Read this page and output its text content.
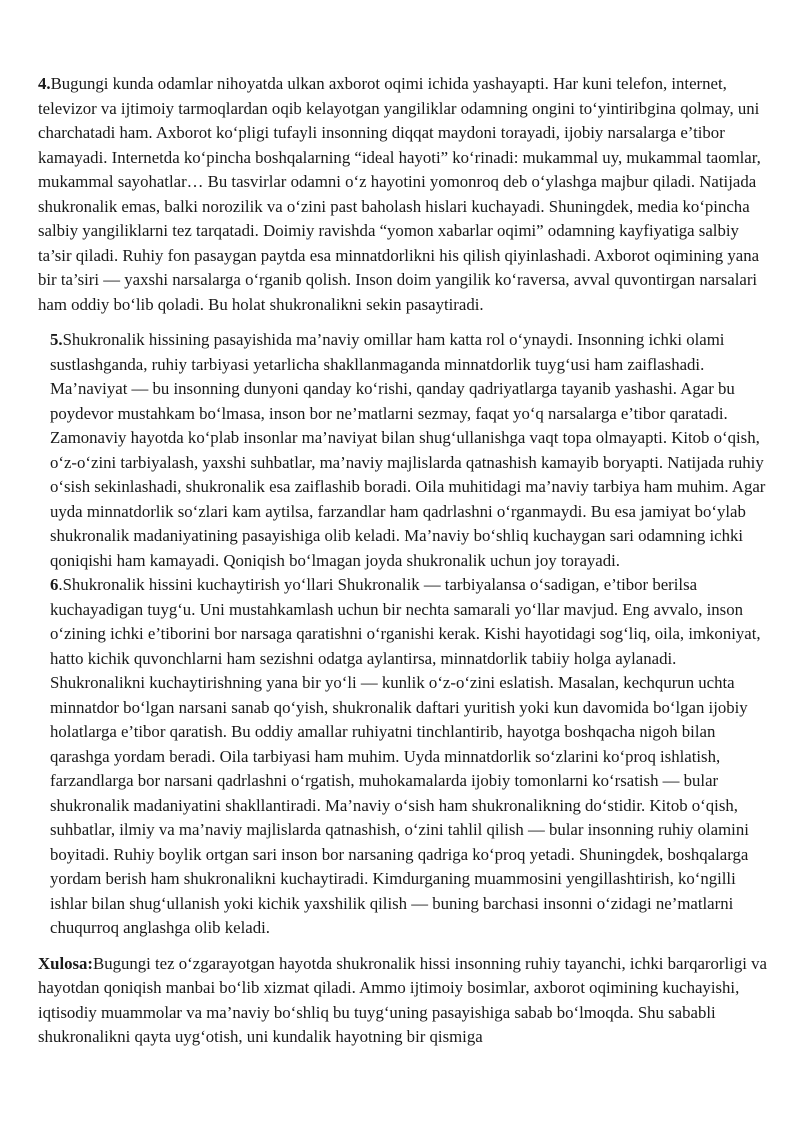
4.Bugungi kunda odamlar nihoyatda ulkan axborot oqimi ichida yashayapti. Har kuni telefon, internet, televizor va ijtimoiy tarmoqlardan oqib kelayotgan yangiliklar odamning ongini to‘yintiribgina qolmay, uni charchatadi ham. Axborot ko‘pligi tufayli insonning diqqat maydoni torayadi, ijobiy narsalarga e’tibor kamayadi. Internetda ko‘pincha boshqalarning “ideal hayoti” ko‘rinadi: mukammal uy, mukammal taomlar, mukammal sayohatlar… Bu tasvirlar odamni o‘z hayotini yomonroq deb o‘ylashga majbur qiladi. Natijada shukronalik emas, balki norozilik va o‘zini past baholash hislari kuchayadi. Shuningdek, media ko‘pincha salbiy yangiliklarni tez tarqatadi. Doimiy ravishda “yomon xabarlar oqimi” odamning kayfiyatiga salbiy ta’sir qiladi. Ruhiy fon pasaygan paytda esa minnatdorlikni his qilish qiyinlashadi. Axborot oqimining yana bir ta’siri — yaxshi narsalarga o‘rganib qolish. Inson doim yangilik ko‘raversa, avval quvontirgan narsalari ham oddiy bo‘lib qoladi. Bu holat shukronalikni sekin pasaytiradi.

5.Shukronalik hissining pasayishida ma’naviy omillar ham katta rol o‘ynaydi. Insonning ichki olami sustlashganda, ruhiy tarbiyasi yetarlicha shakllanmaganda minnatdorlik tuyg‘usi ham zaiflashadi. Ma’naviyat — bu insonning dunyoni qanday ko‘rishi, qanday qadriyatlarga tayanib yashashi. Agar bu poydevor mustahkam bo‘lmasa, inson bor ne’matlarni sezmay, faqat yo‘q narsalarga e’tibor qaratadi. Zamonaviy hayotda ko‘plab insonlar ma’naviyat bilan shug‘ullanishga vaqt topa olmayapti. Kitob o‘qish, o‘z-o‘zini tarbiyalash, yaxshi suhbatlar, ma’naviy majlislarda qatnashish kamayib boryapti. Natijada ruhiy o‘sish sekinlashadi, shukronalik esa zaiflashib boradi. Oila muhitidagi ma’naviy tarbiya ham muhim. Agar uyda minnatdorlik so‘zlari kam aytilsa, farzandlar ham qadrlashni o‘rganmaydi. Bu esa jamiyat bo‘ylab shukronalik madaniyatining pasayishiga olib keladi. Ma’naviy bo‘shliq kuchaygan sari odamning ichki qoniqishi ham kamayadi. Qoniqish bo‘lmagan joyda shukronalik uchun joy torayadi.

6.Shukronalik hissini kuchaytirish yo‘llari Shukronalik — tarbiyalansa o‘sadigan, e’tibor berilsa kuchayadigan tuyg‘u. Uni mustahkamlash uchun bir nechta samarali yo‘llar mavjud. Eng avvalo, inson o‘zining ichki e’tiborini bor narsaga qaratishni o‘rganishi kerak. Kishi hayotidagi sog‘liq, oila, imkoniyat, hatto kichik quvonchlarni ham sezishni odatga aylantirsa, minnatdorlik tabiiy holga aylanadi. Shukronalikni kuchaytirishning yana bir yo‘li — kunlik o‘z-o‘zini eslatish. Masalan, kechqurun uchta minnatdor bo‘lgan narsani sanab qo‘yish, shukronalik daftari yuritish yoki kun davomida bo‘lgan ijobiy holatlarga e’tibor qaratish. Bu oddiy amallar ruhiyatni tinchlantirib, hayotga boshqacha nigoh bilan qarashga yordam beradi. Oila tarbiyasi ham muhim. Uyda minnatdorlik so‘zlarini ko‘proq ishlatish, farzandlarga bor narsani qadrlashni o‘rgatish, muhokamalarda ijobiy tomonlarni ko‘rsatish — bular shukronalik madaniyatini shakllantiradi. Ma’naviy o‘sish ham shukronalikning do‘stidir. Kitob o‘qish, suhbatlar, ilmiy va ma’naviy majlislarda qatnashish, o‘zini tahlil qilish — bular insonning ruhiy olamini boyitadi. Ruhiy boylik ortgan sari inson bor narsaning qadriga ko‘proq yetadi. Shuningdek, boshqalarga yordam berish ham shukronalikni kuchaytiradi. Kimdurganing muammosini yengillashtirish, ko‘ngilli ishlar bilan shug‘ullanish yoki kichik yaxshilik qilish — buning barchasi insonni o‘zidagi ne’matlarni chuqurroq anglashga olib keladi.

Xulosa:Bugungi tez o‘zgarayotgan hayotda shukronalik hissi insonning ruhiy tayanchi, ichki barqarorligi va hayotdan qoniqish manbai bo‘lib xizmat qiladi. Ammo ijtimoiy bosimlar, axborot oqimining kuchayishi, iqtisodiy muammolar va ma’naviy bo‘shliq bu tuyg‘uning pasayishiga sabab bo‘lmoqda. Shu sababli shukronalikni qayta uyg‘otish, uni kundalik hayotning bir qismiga
